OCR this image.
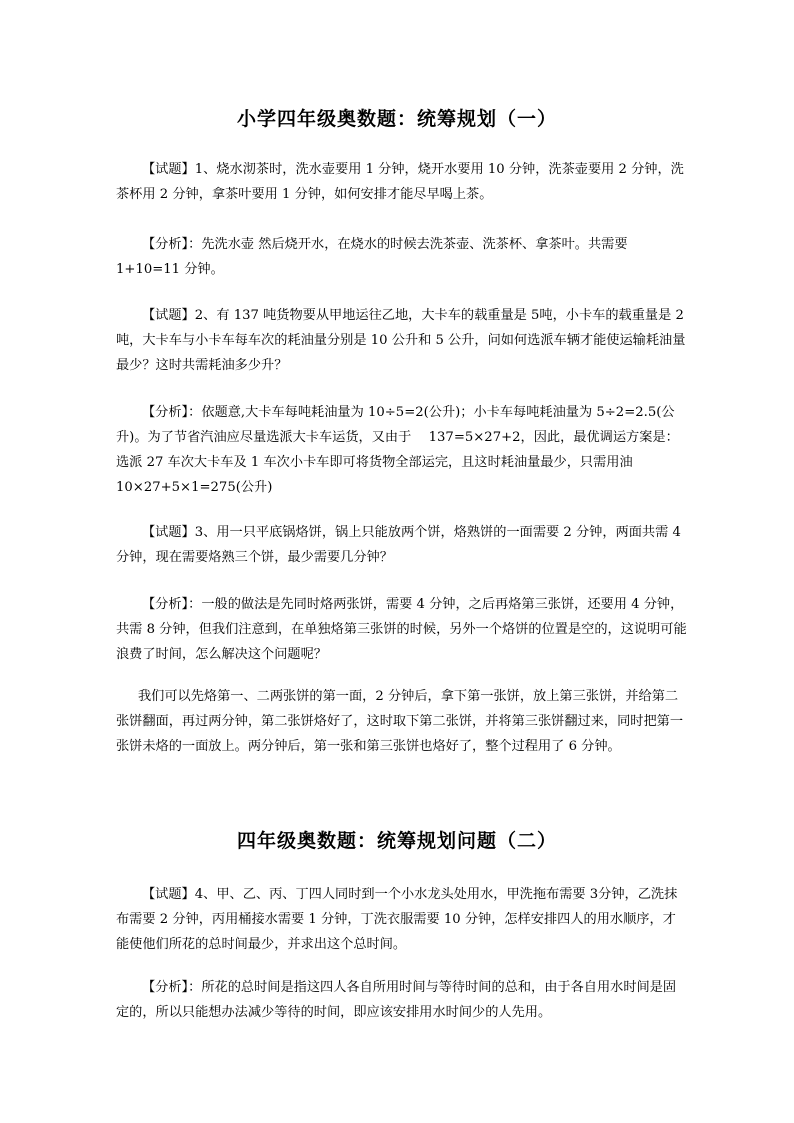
小学四年级奥数题：统筹规划（一）

【试题】1、烧水沏茶时，洗水壶要用 1 分钟，烧开水要用 10 分钟，洗茶壶要用 2 分钟，洗茶杯用 2 分钟，拿茶叶要用 1 分钟，如何安排才能尽早喝上茶。

【分析】：先洗水壶 然后烧开水，在烧水的时候去洗茶壶、洗茶杯、拿茶叶。共需要 1+10=11 分钟。

【试题】2、有 137 吨货物要从甲地运往乙地，大卡车的载重量是 5吨，小卡车的载重量是 2吨，大卡车与小卡车每车次的耗油量分别是 10 公升和 5 公升，问如何选派车辆才能使运输耗油量最少？这时共需耗油多少升？

【分析】：依题意,大卡车每吨耗油量为 10÷5=2(公升)；小卡车每吨耗油量为 5÷2=2.5(公升)。为了节省汽油应尽量选派大卡车运货，又由于　 137=5×27+2，因此，最优调运方案是：选派 27 车次大卡车及 1 车次小卡车即可将货物全部运完，且这时耗油量最少，只需用油 10×27+5×1=275(公升)

【试题】3、用一只平底锅烙饼，锅上只能放两个饼，烙熟饼的一面需要 2 分钟，两面共需 4 分钟，现在需要烙熟三个饼，最少需要几分钟？

【分析】：一般的做法是先同时烙两张饼，需要 4 分钟，之后再烙第三张饼，还要用 4 分钟，共需 8 分钟，但我们注意到，在单独烙第三张饼的时候，另外一个烙饼的位置是空的，这说明可能浪费了时间，怎么解决这个问题呢？

我们可以先烙第一、二两张饼的第一面，2 分钟后，拿下第一张饼，放上第三张饼，并给第二张饼翻面，再过两分钟，第二张饼烙好了，这时取下第二张饼，并将第三张饼翻过来，同时把第一张饼未烙的一面放上。两分钟后，第一张和第三张饼也烙好了，整个过程用了 6 分钟。

四年级奥数题：统筹规划问题（二）

【试题】4、甲、乙、丙、丁四人同时到一个小水龙头处用水，甲洗拖布需要 3分钟，乙洗抹布需要 2 分钟，丙用桶接水需要 1 分钟，丁洗衣服需要 10 分钟，怎样安排四人的用水顺序，才能使他们所花的总时间最少，并求出这个总时间。

【分析】：所花的总时间是指这四人各自所用时间与等待时间的总和，由于各自用水时间是固定的，所以只能想办法减少等待的时间，即应该安排用水时间少的人先用。
